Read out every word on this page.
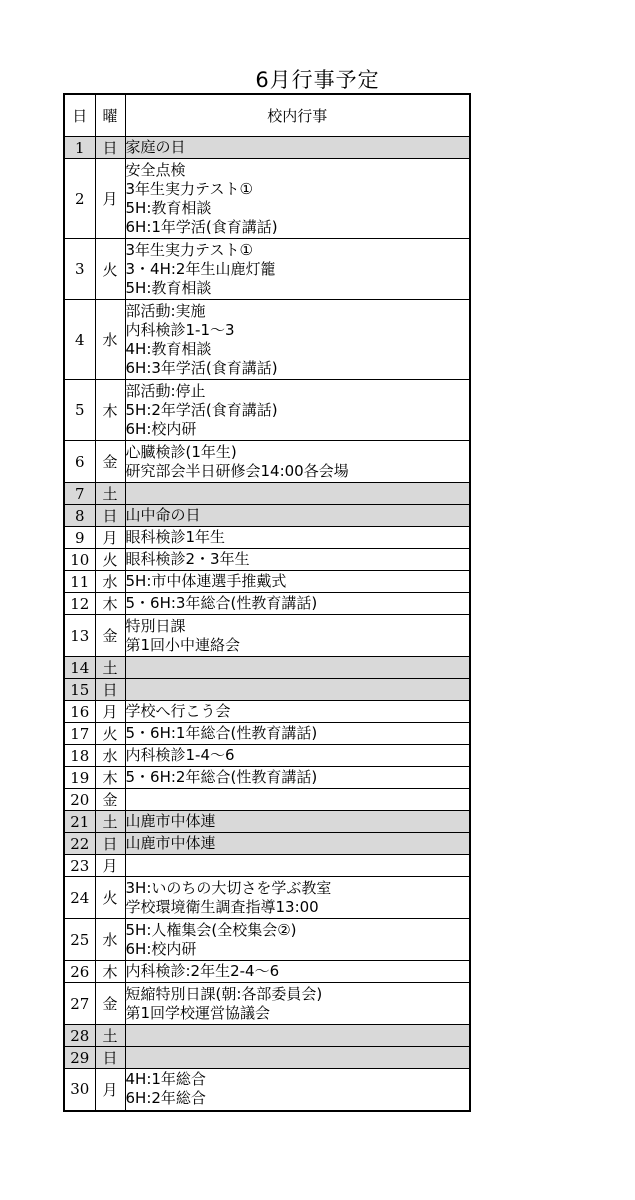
6月行事予定
日	曜	校内行事
1	日	家庭の日

2	月	安全点検
3年生実力テスト①
5H:教育相談
6H:1年学活(食育講話)

3	火	3年生実力テスト①
3・4H:2年生山鹿灯籠
5H:教育相談

4	水	部活動:実施
内科検診1-1～3
4H:教育相談
6H:3年学活(食育講話)

5	木	部活動:停止
5H:2年学活(食育講話)
6H:校内研

6	金	心臓検診(1年生)
研究部会半日研修会14:00各会場

7	土	
8	日	山中命の日

9	月	眼科検診1年生

10	火	眼科検診2・3年生

11	水	5H:市中体連選手推戴式

12	木	5・6H:3年総合(性教育講話)

13	金	特別日課
第1回小中連絡会

14	土	
15	日	
16	月	学校へ行こう会

17	火	5・6H:1年総合(性教育講話)

18	水	内科検診1-4～6

19	木	5・6H:2年総合(性教育講話)

20	金	
21	土	山鹿市中体連

22	日	山鹿市中体連

23	月	
24	火	3H:いのちの大切さを学ぶ教室
学校環境衛生調査指導13:00

25	水	5H:人権集会(全校集会②)
6H:校内研

26	木	内科検診:2年生2-4～6

27	金	短縮特別日課(朝:各部委員会)
第1回学校運営協議会

28	土	
29	日	
30	月	4H:1年総合
6H:2年総合
